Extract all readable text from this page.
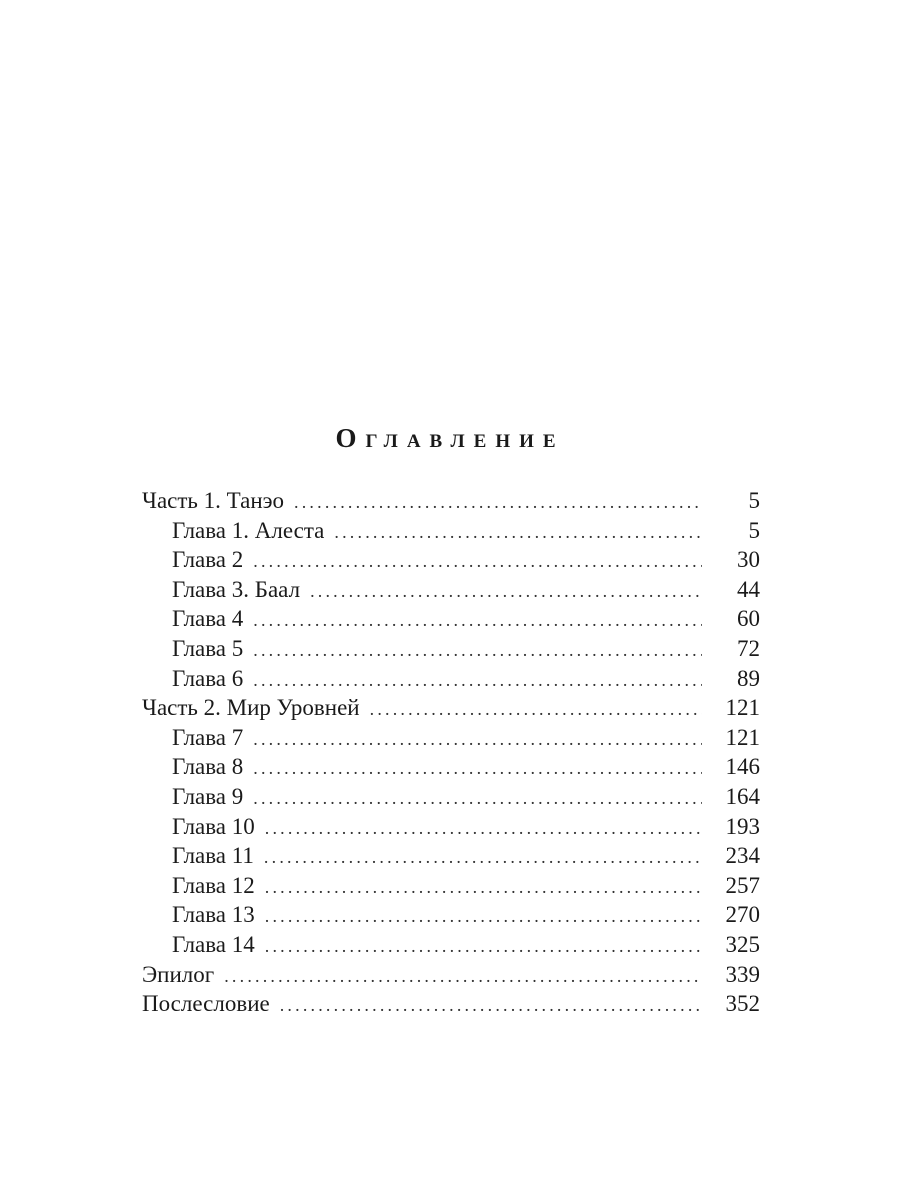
Оглавление
Часть 1. Танэо .....	5
Глава 1. Алеста .....	5
Глава 2 .....	30
Глава 3. Баал .....	44
Глава 4 .....	60
Глава 5 .....	72
Глава 6 .....	89
Часть 2. Мир Уровней .....	121
Глава 7 .....	121
Глава 8 .....	146
Глава 9 .....	164
Глава 10 .....	193
Глава 11 .....	234
Глава 12 .....	257
Глава 13 .....	270
Глава 14 .....	325
Эпилог .....	339
Послесловие .....	352
